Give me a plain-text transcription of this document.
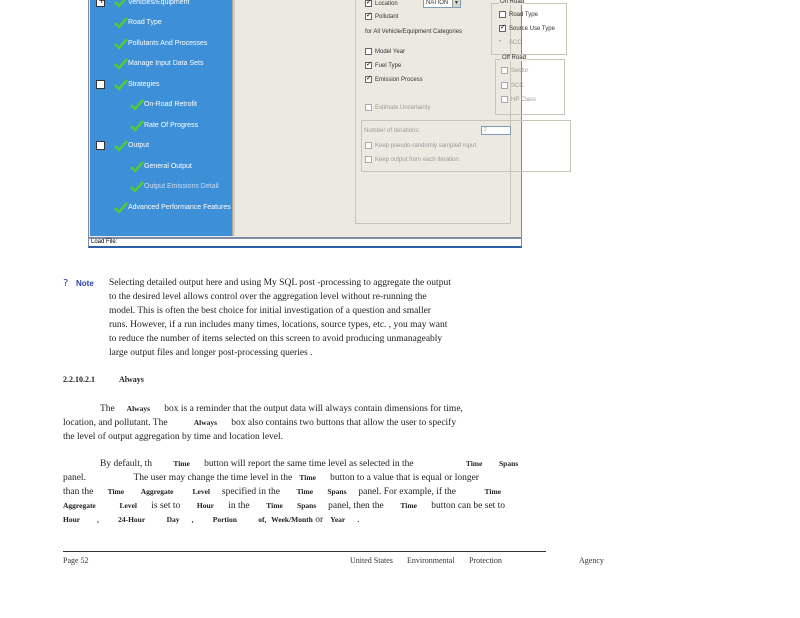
+
Vehicles/Equipment
Road Type
Pollutants And Processes
Manage Input Data Sets
Strategies
On-Road Retrofit
Rate Of Progress
Output
General Output
Output Emissions Detail
Advanced Performance Features
✓
Location	NATION	▼
✓
Pollutant
for All Vehicle/Equipment Categories
Model Year
✓
Fuel Type
✓
Emission Process
On Road
Road Type
✓
Source Use Type
•	SCC
Off Road
Sector
SCC
HP Class
Estimate Uncertainty
Number of Iterations:	2
Keep pseudo-randomly sampled input
Keep output from each iteration
Load File:
? Note Selecting detailed output here and using My SQL post -processing to aggregate the output

to the desired level allows control over the aggregation level without re-running the

model. This is often the best choice for initial investigation of a question and smaller

runs. However, if a run includes many times, locations, source types, etc. , you may want

to reduce the number of items selected on this screen to avoid producing unmanageably

large output files and longer post-processing queries .

2.2.10.2.1	Always

The Always box is a reminder that the output data will always contain dimensions for time,

location, and pollutant. The	Always box also contains two buttons that allow the user to specify

the level of output aggregation by time and location level.

By default, th	Time button will report the same time level as selected in the	Time Spans

panel.	The user may change the time level in the Time button to a value that is equal or longer

than the Time Aggregate	Level specified in the Time Spans panel. For example, if the	Time

Aggregate	Level is set to Hour in the Time Spans panel, then the Time button can be set to

Hour ,	24-Hour	Day ,	Portion	of, Week/Month or Year .

Page 52	United States Environmental Protection	Agency
